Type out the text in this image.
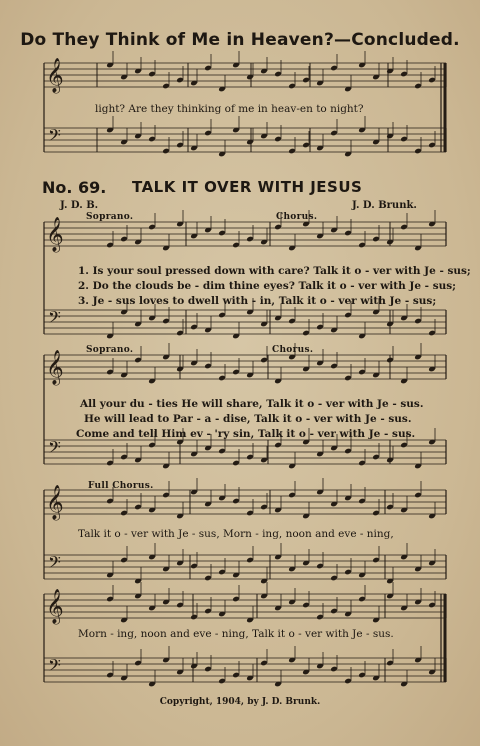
Do They Think of Me in Heaven?—Concluded.
𝄞
𝄢
𝄞
𝄢
𝄞
𝄢
𝄞
𝄢
𝄞
𝄢
light? Are they thinking of me in heav-en to night?
No. 69. TALK IT OVER WITH JESUS
J. D. B.	J. D. Brunk.
Soprano.	Chorus.
1. Is your soul pressed down with care? Talk it o - ver with Je - sus;
2. Do the clouds be - dim thine eyes? Talk it o - ver with Je - sus;
3. Je - sus loves to dwell with - in, Talk it o - ver with Je - sus;
Soprano.	Chorus.
All your du - ties He will share, Talk it o - ver with Je - sus.
He will lead to Par - a - dise, Talk it o - ver with Je - sus.
Come and tell Him ev - 'ry sin, Talk it o - ver with Je - sus.
Full Chorus.
Talk it o - ver with Je - sus, Morn - ing, noon and eve - ning,
Morn - ing, noon and eve - ning, Talk it o - ver with Je - sus.
Copyright, 1904, by J. D. Brunk.
